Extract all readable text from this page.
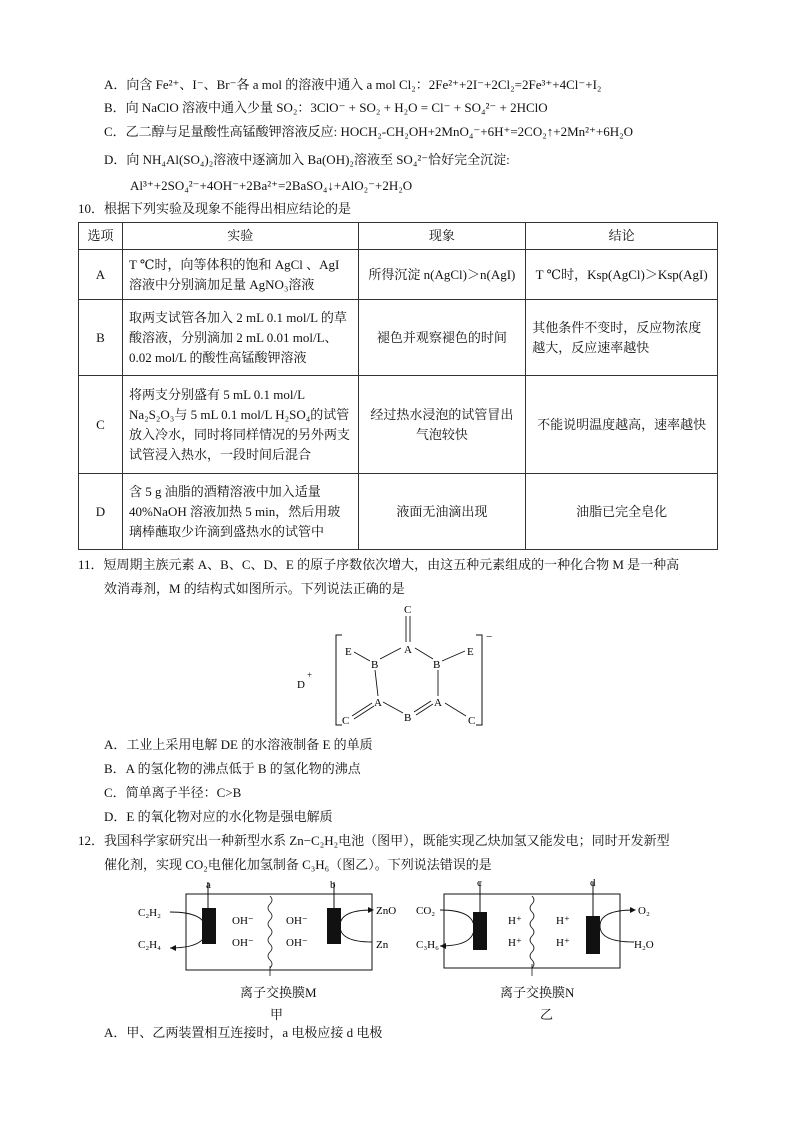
A．向含 Fe²⁺、I⁻、Br⁻各 a mol 的溶液中通入 a mol Cl₂：2Fe²⁺+2I⁻+2Cl₂=2Fe³⁺+4Cl⁻+I₂
B．向 NaClO 溶液中通入少量 SO₂：3ClO⁻ + SO₂ + H₂O = Cl⁻ + SO₄²⁻ + 2HClO
C．乙二醇与足量酸性高锰酸钾溶液反应: HOCH₂-CH₂OH+2MnO₄⁻+6H⁺=2CO₂↑+2Mn²⁺+6H₂O
D．向 NH₄Al(SO₄)₂溶液中逐滴加入 Ba(OH)₂溶液至 SO₄²⁻恰好完全沉淀:
Al³⁺+2SO₄²⁻+4OH⁻+2Ba²⁺=2BaSO₄↓+AlO₂⁻+2H₂O
10．根据下列实验及现象不能得出相应结论的是
选项	实验	现象	结论
A	T ℃时，向等体积的饱和 AgCl 、AgI 溶液中分别滴加足量 AgNO₃溶液	所得沉淀 n(AgCl)＞n(AgI)	T ℃时，Ksp(AgCl)＞Ksp(AgI)
B	取两支试管各加入 2 mL 0.1 mol/L 的草酸溶液，分别滴加 2 mL 0.01 mol/L、0.02 mol/L 的酸性高锰酸钾溶液	褪色并观察褪色的时间	其他条件不变时，反应物浓度越大，反应速率越快
C	将两支分别盛有 5 mL 0.1 mol/L Na₂S₂O₃与 5 mL 0.1 mol/L H₂SO₄的试管放入冷水，同时将同样情况的另外两支试管浸入热水，一段时间后混合	经过热水浸泡的试管冒出气泡较快	不能说明温度越高，速率越快
D	含 5 g 油脂的酒精溶液中加入适量 40%NaOH 溶液加热 5 min，然后用玻璃棒蘸取少许滴到盛热水的试管中	液面无油滴出现	油脂已完全皂化
11．短周期主族元素 A、B、C、D、E 的原子序数依次增大，由这五种元素组成的一种化合物 M 是一种高
效消毒剂，M 的结构式如图所示。下列说法正确的是
−
D
+
C
A
B	B
E	E
A	A
B
C	C
A．工业上采用电解 DE 的水溶液制备 E 的单质
B．A 的氢化物的沸点低于 B 的氢化物的沸点
C．简单离子半径：C>B
D．E 的氧化物对应的水化物是强电解质
12．我国科学家研究出一种新型水系 Zn−C₂H₂电池（图甲），既能实现乙炔加氢又能发电；同时开发新型
催化剂，实现 CO₂电催化加氢制备 C₃H₆（图乙）。下列说法错误的是
a	b
OH⁻
OH⁻
OH⁻
OH⁻
C₂H₂
C₂H₄
ZnO
Zn
离子交换膜M
甲
c	d
H⁺
H⁺
H⁺
H⁺
CO₂
C₃H₆
O₂
H₂O
离子交换膜N
乙
A．甲、乙两装置相互连接时，a 电极应接 d 电极
